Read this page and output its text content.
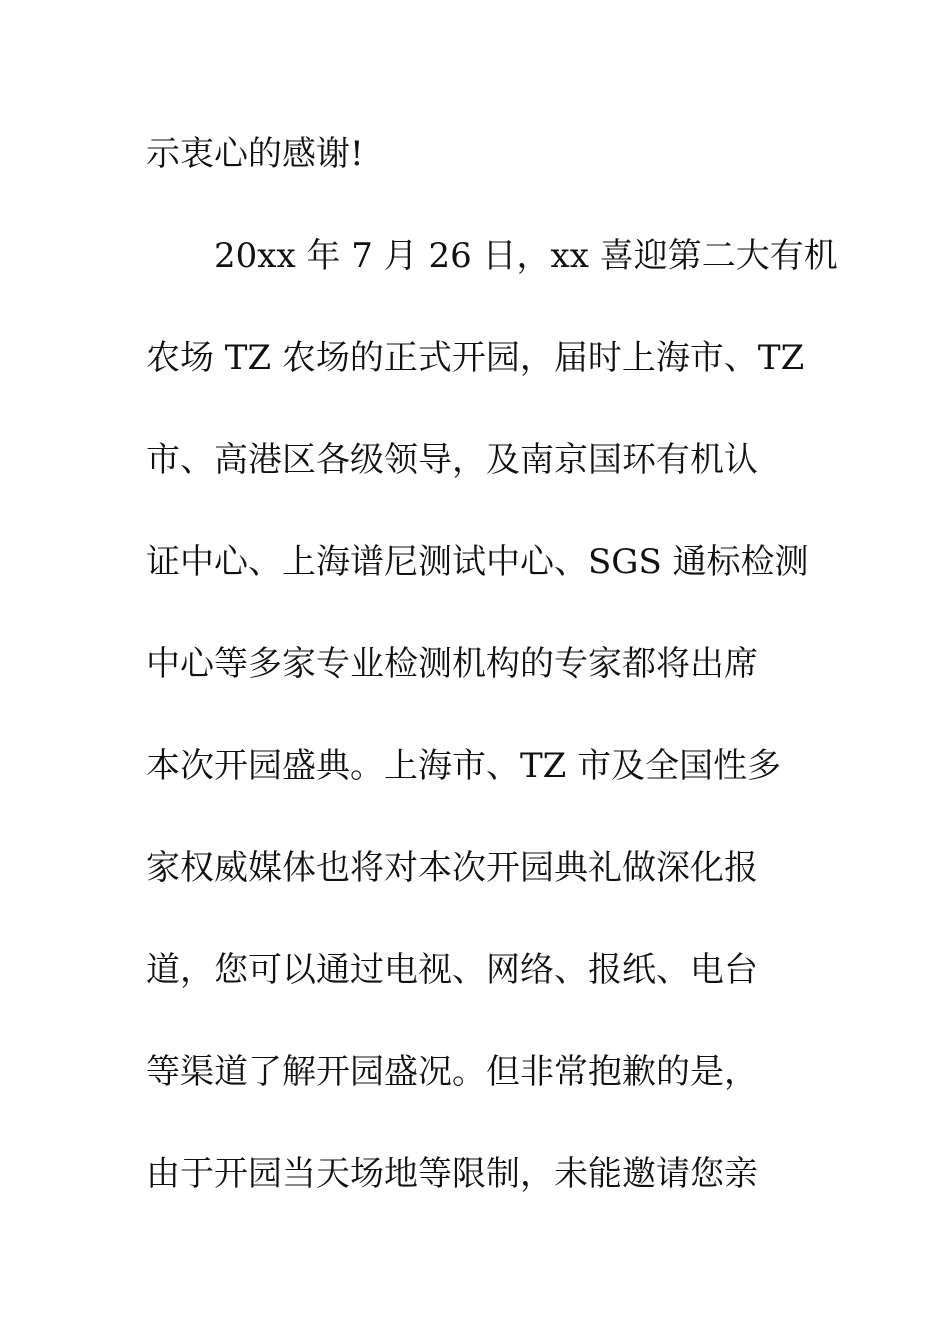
示衷心的感谢!
20xx 年 7 月 26 日，xx 喜迎第二大有机
农场 TZ 农场的正式开园，届时上海市、TZ
市、高港区各级领导，及南京国环有机认
证中心、上海谱尼测试中心、SGS 通标检测
中心等多家专业检测机构的专家都将出席
本次开园盛典。上海市、TZ 市及全国性多
家权威媒体也将对本次开园典礼做深化报
道，您可以通过电视、网络、报纸、电台
等渠道了解开园盛况。但非常抱歉的是，
由于开园当天场地等限制，未能邀请您亲
